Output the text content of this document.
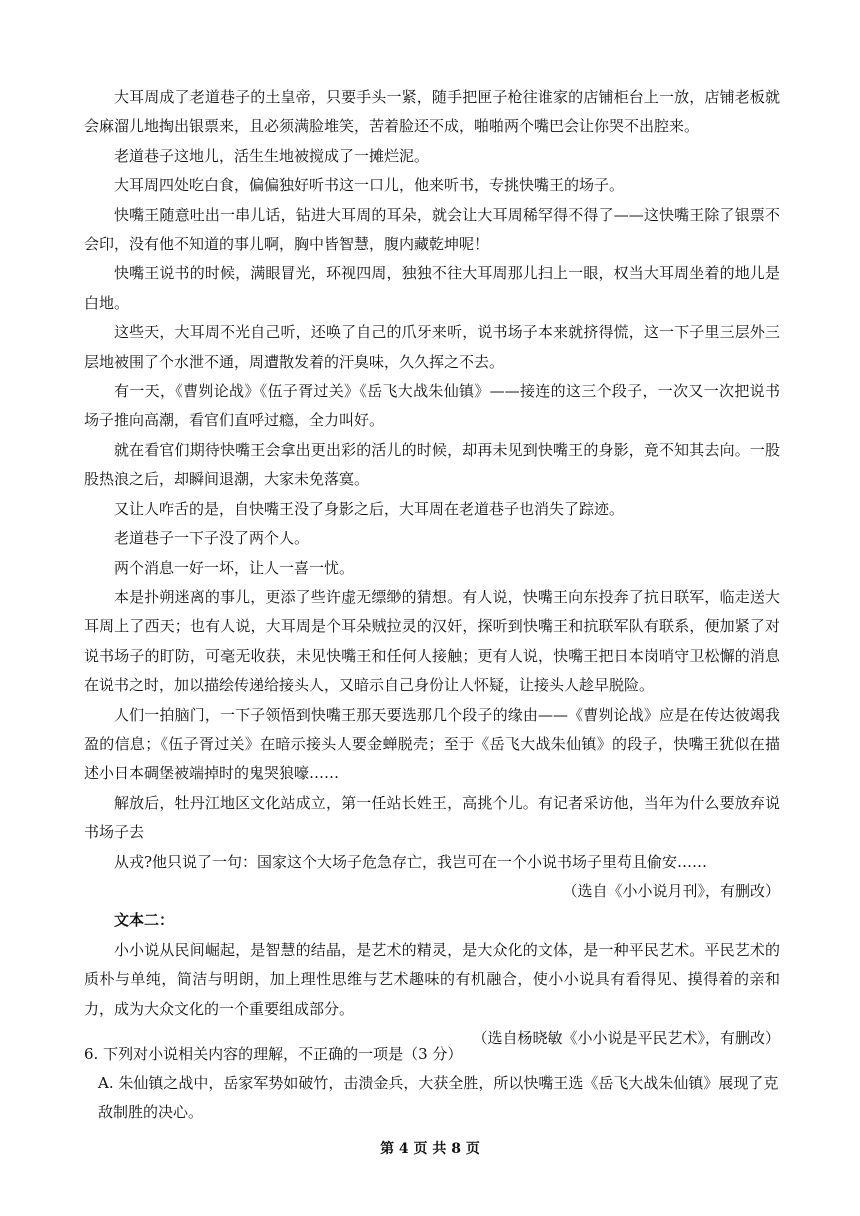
大耳周成了老道巷子的土皇帝，只要手头一紧，随手把匣子枪往谁家的店铺柜台上一放，店铺老板就会麻溜儿地掏出银票来，且必须满脸堆笑，苦着脸还不成，啪啪两个嘴巴会让你哭不出腔来。

老道巷子这地儿，活生生地被搅成了一摊烂泥。

大耳周四处吃白食，偏偏独好听书这一口儿，他来听书，专挑快嘴王的场子。

快嘴王随意吐出一串儿话，钻进大耳周的耳朵，就会让大耳周稀罕得不得了——这快嘴王除了银票不会印，没有他不知道的事儿啊，胸中皆智慧，腹内藏乾坤呢！

快嘴王说书的时候，满眼冒光，环视四周，独独不往大耳周那儿扫上一眼，权当大耳周坐着的地儿是白地。

这些天，大耳周不光自己听，还唤了自己的爪牙来听，说书场子本来就挤得慌，这一下子里三层外三层地被围了个水泄不通，周遭散发着的汗臭味，久久挥之不去。

有一天，《曹刿论战》《伍子胥过关》《岳飞大战朱仙镇》——接连的这三个段子，一次又一次把说书场子推向高潮，看官们直呼过瘾，全力叫好。

就在看官们期待快嘴王会拿出更出彩的活儿的时候，却再未见到快嘴王的身影，竟不知其去向。一股股热浪之后，却瞬间退潮，大家未免落寞。

又让人咋舌的是，自快嘴王没了身影之后，大耳周在老道巷子也消失了踪迹。

老道巷子一下子没了两个人。

两个消息一好一坏，让人一喜一忧。

本是扑朔迷离的事儿，更添了些许虚无缥缈的猜想。有人说，快嘴王向东投奔了抗日联军，临走送大耳周上了西天；也有人说，大耳周是个耳朵贼拉灵的汉奸，探听到快嘴王和抗联军队有联系，便加紧了对说书场子的盯防，可毫无收获，未见快嘴王和任何人接触；更有人说，快嘴王把日本岗哨守卫松懈的消息在说书之时，加以描绘传递给接头人，又暗示自己身份让人怀疑，让接头人趁早脱险。

人们一拍脑门，一下子领悟到快嘴王那天要选那几个段子的缘由——《曹刿论战》应是在传达彼竭我盈的信息；《伍子胥过关》在暗示接头人要金蝉脱壳；至于《岳飞大战朱仙镇》的段子，快嘴王犹似在描述小日本碉堡被端掉时的鬼哭狼嚎……

解放后，牡丹江地区文化站成立，第一任站长姓王，高挑个儿。有记者采访他，当年为什么要放弃说书场子去

从戎?他只说了一句：国家这个大场子危急存亡，我岂可在一个小说书场子里苟且偷安……

（选自《小小说月刊》，有删改）

文本二：

小小说从民间崛起，是智慧的结晶，是艺术的精灵，是大众化的文体，是一种平民艺术。平民艺术的质朴与单纯，简洁与明朗，加上理性思维与艺术趣味的有机融合，使小小说具有看得见、摸得着的亲和力，成为大众文化的一个重要组成部分。

（选自杨晓敏《小小说是平民艺术》，有删改）

6. 下列对小说相关内容的理解，不正确的一项是（3 分）

A. 朱仙镇之战中，岳家军势如破竹，击溃金兵，大获全胜，所以快嘴王选《岳飞大战朱仙镇》展现了克敌制胜的决心。

第 4 页 共 8 页
